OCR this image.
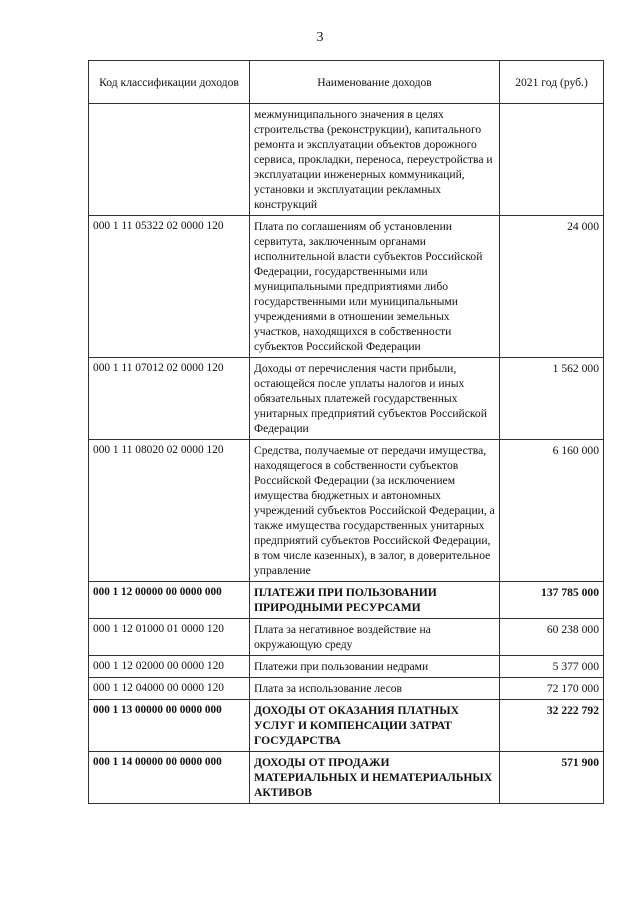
3
Код классификации доходов	Наименование доходов	2021 год (руб.)
	межмуниципального значения в целях строительства (реконструкции), капитального ремонта и эксплуатации объектов дорожного сервиса, прокладки, переноса, переустройства и эксплуатации инженерных коммуникаций, установки и эксплуатации рекламных конструкций	
000 1 11 05322 02 0000 120	Плата по соглашениям об установлении сервитута, заключенным органами исполнительной власти субъектов Российской Федерации, государственными или муниципальными предприятиями либо государственными или муниципальными учреждениями в отношении земельных участков, находящихся в собственности субъектов Российской Федерации	24 000
000 1 11 07012 02 0000 120	Доходы от перечисления части прибыли, остающейся после уплаты налогов и иных обязательных платежей государственных унитарных предприятий субъектов Российской Федерации	1 562 000
000 1 11 08020 02 0000 120	Средства, получаемые от передачи имущества, находящегося в собственности субъектов Российской Федерации (за исключением имущества бюджетных и автономных учреждений субъектов Российской Федерации, а также имущества государственных унитарных предприятий субъектов Российской Федерации, в том числе казенных), в залог, в доверительное управление	6 160 000
000 1 12 00000 00 0000 000	ПЛАТЕЖИ ПРИ ПОЛЬЗОВАНИИ ПРИРОДНЫМИ РЕСУРСАМИ	137 785 000
000 1 12 01000 01 0000 120	Плата за негативное воздействие на окружающую среду	60 238 000
000 1 12 02000 00 0000 120	Платежи при пользовании недрами	5 377 000
000 1 12 04000 00 0000 120	Плата за использование лесов	72 170 000
000 1 13 00000 00 0000 000	ДОХОДЫ ОТ ОКАЗАНИЯ ПЛАТНЫХ УСЛУГ И КОМПЕНСАЦИИ ЗАТРАТ ГОСУДАРСТВА	32 222 792
000 1 14 00000 00 0000 000	ДОХОДЫ ОТ ПРОДАЖИ МАТЕРИАЛЬНЫХ И НЕМАТЕРИАЛЬНЫХ АКТИВОВ	571 900
